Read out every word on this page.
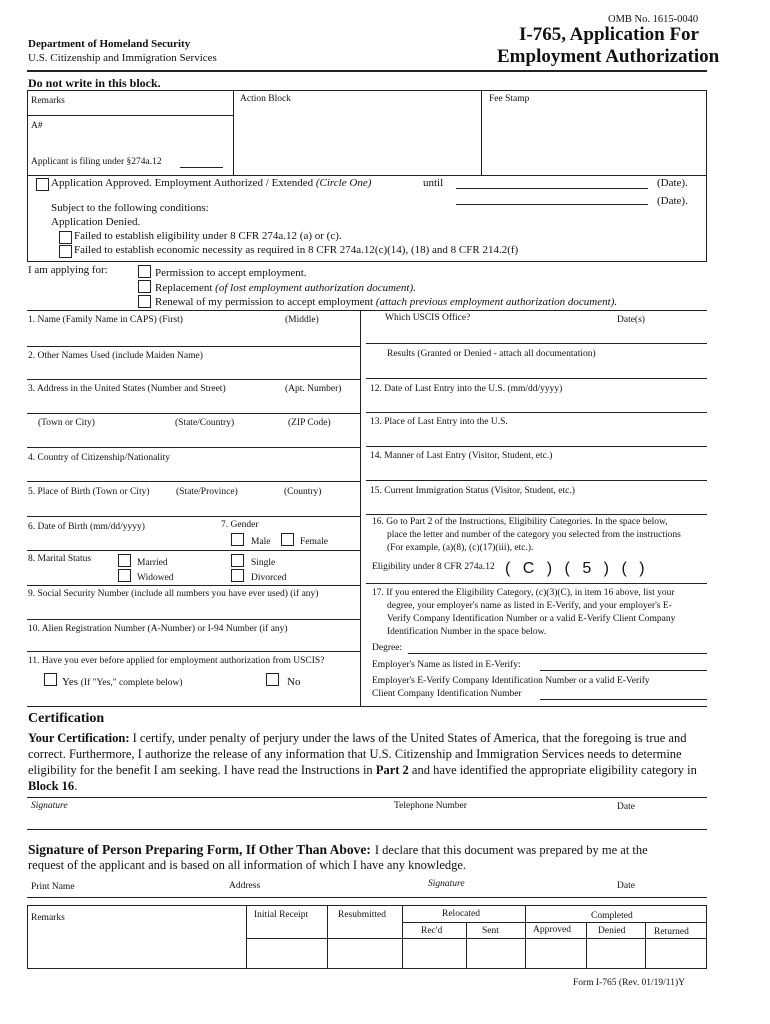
OMB No. 1615-0040
Department of Homeland Security
U.S. Citizenship and Immigration Services
I-765, Application For
Employment Authorization
Do not write in this block.
Remarks	Action Block	Fee Stamp
A#
Applicant is filing under §274a.12
Application Approved. Employment Authorized / Extended (Circle One)	until	(Date).
(Date).
Subject to the following conditions:
Application Denied.
Failed to establish eligibility under 8 CFR 274a.12 (a) or (c).
Failed to establish economic necessity as required in 8 CFR 274a.12(c)(14), (18) and 8 CFR 214.2(f)
I am applying for:	Permission to accept employment.
Replacement (of lost employment authorization document).
Renewal of my permission to accept employment (attach previous employment authorization document).
1. Name (Family Name in CAPS) (First)	(Middle)
2. Other Names Used (include Maiden Name)
3. Address in the United States (Number and Street)	(Apt. Number)
(Town or City)	(State/Country)	(ZIP Code)
4. Country of Citizenship/Nationality
5. Place of Birth (Town or City)	(State/Province)	(Country)
6. Date of Birth (mm/dd/yyyy)	7. Gender
Male	Female
8. Marital Status	Married	Single
Widowed	Divorced
9. Social Security Number (include all numbers you have ever used) (if any)
10. Alien Registration Number (A-Number) or I-94 Number (if any)
11. Have you ever before applied for employment authorization from USCIS?
Yes (If "Yes," complete below)	No
Which USCIS Office?	Date(s)
Results (Granted or Denied - attach all documentation)
12. Date of Last Entry into the U.S. (mm/dd/yyyy)
13. Place of Last Entry into the U.S.
14. Manner of Last Entry (Visitor, Student, etc.)
15. Current Immigration Status (Visitor, Student, etc.)
16. Go to Part 2 of the Instructions, Eligibility Categories. In the space below,
place the letter and number of the category you selected from the instructions
(For example, (a)(8), (c)(17)(iii), etc.).
Eligibility under 8 CFR 274a.12 ( C ) ( 5 ) ( )
17. If you entered the Eligibility Category, (c)(3)(C), in item 16 above, list your
degree, your employer's name as listed in E-Verify, and your employer's E-
Verify Company Identification Number or a valid E-Verify Client Company
Identification Number in the space below.
Degree:
Employer's Name as listed in E-Verify:
Employer's E-Verify Company Identification Number or a valid E-Verify
Client Company Identification Number
Certification
Your Certification: I certify, under penalty of perjury under the laws of the United States of America, that the foregoing is true and
correct. Furthermore, I authorize the release of any information that U.S. Citizenship and Immigration Services needs to determine
eligibility for the benefit I am seeking. I have read the Instructions in Part 2 and have identified the appropriate eligibility category in
Block 16.
Signature	Telephone Number	Date
Signature of Person Preparing Form, If Other Than Above: I declare that this document was prepared by me at the
request of the applicant and is based on all information of which I have any knowledge.
Print Name	Address	Signature	Date
Remarks	Initial Receipt	Resubmitted	Relocated	Completed
Rec'd	Sent	Approved	Denied	Returned
Form I-765 (Rev. 01/19/11)Y
